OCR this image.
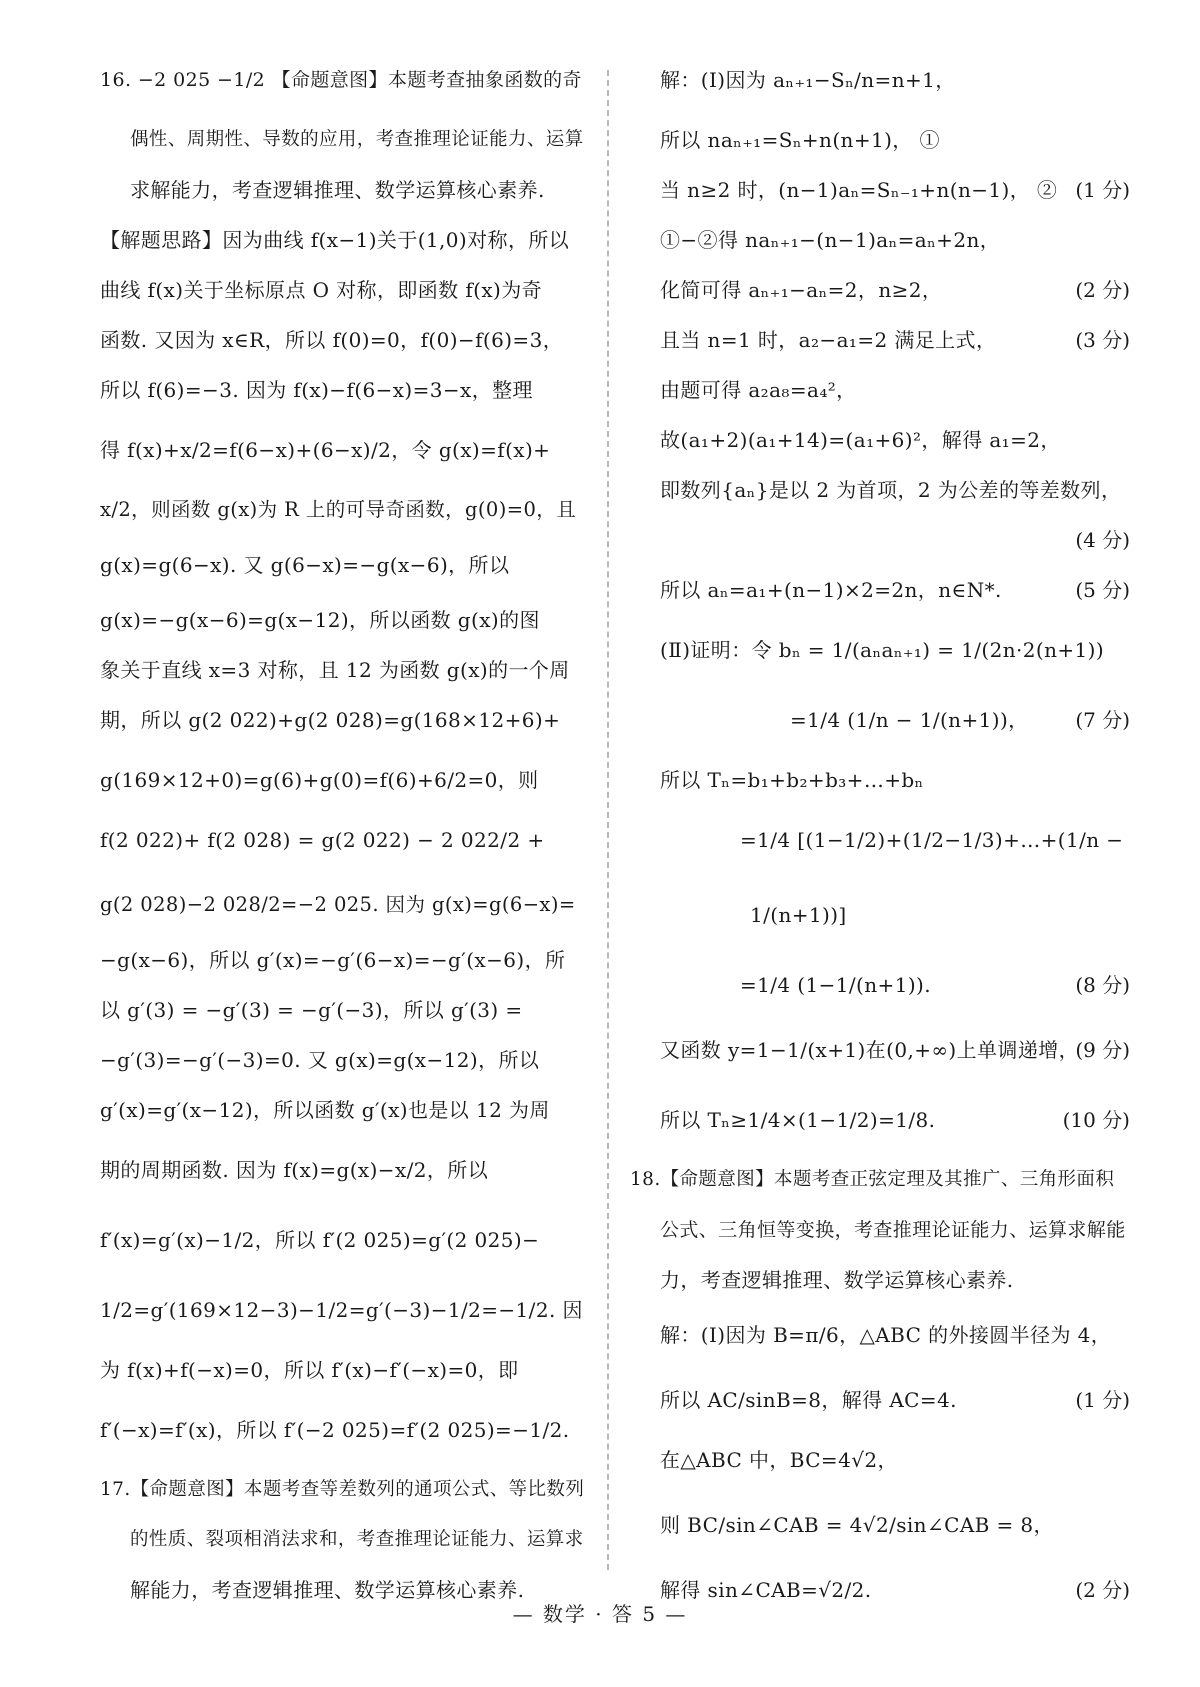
16. −2 025 −1/2 【命题意图】本题考查抽象函数的奇
偶性、周期性、导数的应用，考查推理论证能力、运算
求解能力，考查逻辑推理、数学运算核心素养.
【解题思路】因为曲线 f(x−1)关于(1,0)对称，所以
曲线 f(x)关于坐标原点 O 对称，即函数 f(x)为奇
函数. 又因为 x∈R，所以 f(0)=0，f(0)−f(6)=3，
所以 f(6)=−3. 因为 f(x)−f(6−x)=3−x，整理
得 f(x)+x/2=f(6−x)+(6−x)/2，令 g(x)=f(x)+
x/2，则函数 g(x)为 R 上的可导奇函数，g(0)=0，且
g(x)=g(6−x). 又 g(6−x)=−g(x−6)，所以
g(x)=−g(x−6)=g(x−12)，所以函数 g(x)的图
象关于直线 x=3 对称，且 12 为函数 g(x)的一个周
期，所以 g(2 022)+g(2 028)=g(168×12+6)+
g(169×12+0)=g(6)+g(0)=f(6)+6/2=0，则
f(2 022)+ f(2 028) = g(2 022) − 2 022/2 +
g(2 028)−2 028/2=−2 025. 因为 g(x)=g(6−x)=
−g(x−6)，所以 g′(x)=−g′(6−x)=−g′(x−6)，所
以 g′(3) = −g′(3) = −g′(−3)，所以 g′(3) =
−g′(3)=−g′(−3)=0. 又 g(x)=g(x−12)，所以
g′(x)=g′(x−12)，所以函数 g′(x)也是以 12 为周
期的周期函数. 因为 f(x)=g(x)−x/2，所以
f′(x)=g′(x)−1/2，所以 f′(2 025)=g′(2 025)−
1/2=g′(169×12−3)−1/2=g′(−3)−1/2=−1/2. 因
为 f(x)+f(−x)=0，所以 f′(x)−f′(−x)=0，即
f′(−x)=f′(x)，所以 f′(−2 025)=f′(2 025)=−1/2.
17.【命题意图】本题考查等差数列的通项公式、等比数列
的性质、裂项相消法求和，考查推理论证能力、运算求
解能力，考查逻辑推理、数学运算核心素养.
解：(Ⅰ)因为 aₙ₊₁−Sₙ/n=n+1，
所以 naₙ₊₁=Sₙ+n(n+1)， ①
当 n≥2 时，(n−1)aₙ=Sₙ₋₁+n(n−1)， ② (1 分)
①−②得 naₙ₊₁−(n−1)aₙ=aₙ+2n，
化简可得 aₙ₊₁−aₙ=2，n≥2，	(2 分)
且当 n=1 时，a₂−a₁=2 满足上式，	(3 分)
由题可得 a₂a₈=a₄²，
故(a₁+2)(a₁+14)=(a₁+6)²，解得 a₁=2，
即数列{aₙ}是以 2 为首项，2 为公差的等差数列，
(4 分)
所以 aₙ=a₁+(n−1)×2=2n，n∈N*.	(5 分)
(Ⅱ)证明：令 bₙ = 1/(aₙaₙ₊₁) = 1/(2n·2(n+1))
=1/4 (1/n − 1/(n+1))， (7 分)
所以 Tₙ=b₁+b₂+b₃+…+bₙ
=1/4 [(1−1/2)+(1/2−1/3)+…+(1/n −
1/(n+1))]
=1/4 (1−1/(n+1)).	(8 分)
又函数 y=1−1/(x+1)在(0,+∞)上单调递增，
(9 分)
所以 Tₙ≥1/4×(1−1/2)=1/8.	(10 分)
18.【命题意图】本题考查正弦定理及其推广、三角形面积
公式、三角恒等变换，考查推理论证能力、运算求解能
力，考查逻辑推理、数学运算核心素养.
解：(Ⅰ)因为 B=π/6，△ABC 的外接圆半径为 4，
所以 AC/sinB=8，解得 AC=4.	(1 分)
在△ABC 中，BC=4√2，
则 BC/sin∠CAB = 4√2/sin∠CAB = 8，
解得 sin∠CAB=√2/2.	(2 分)
— 数学 · 答 5 —
